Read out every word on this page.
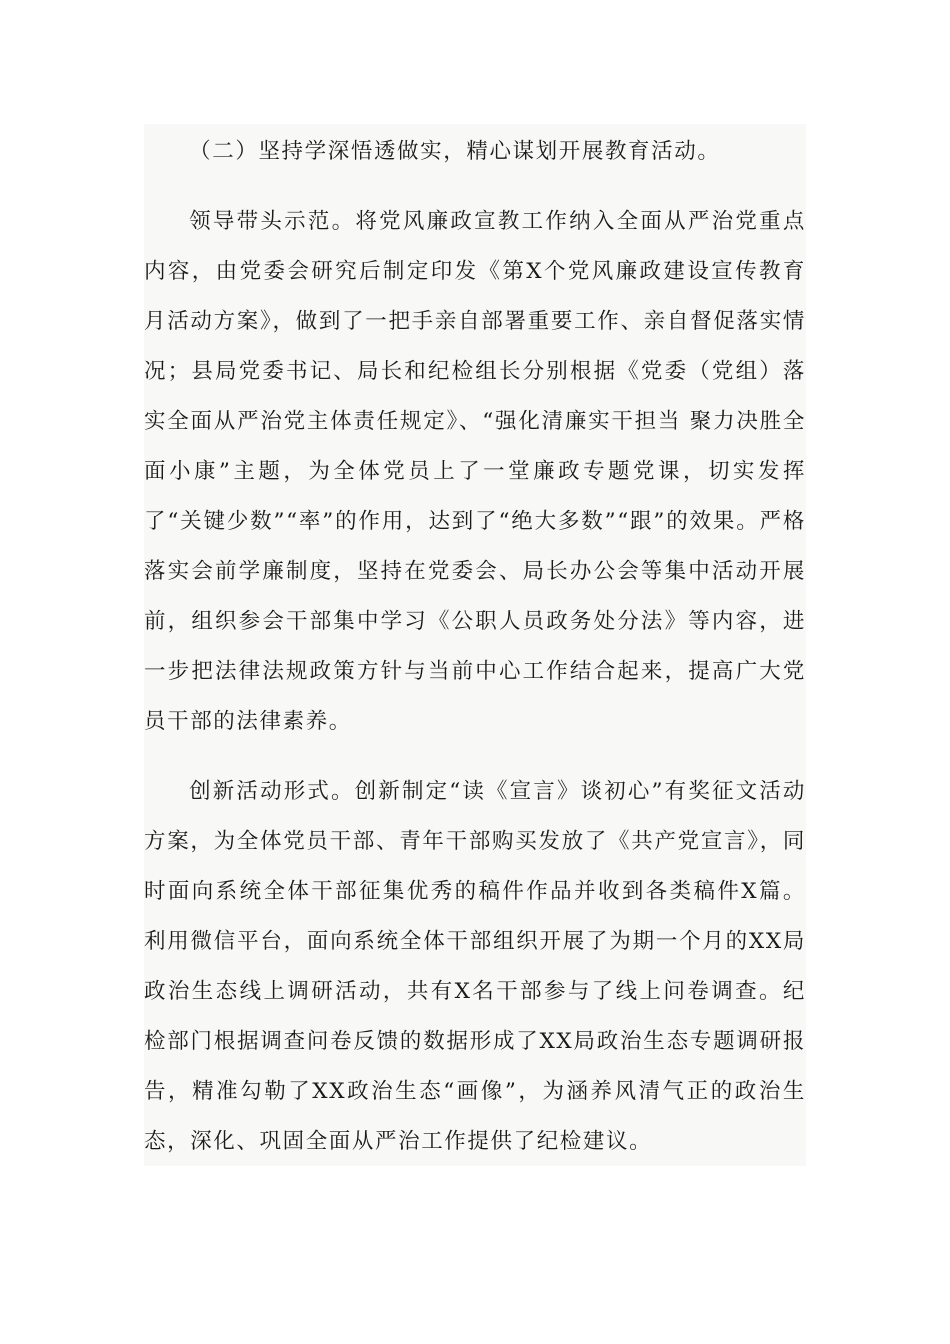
（二）坚持学深悟透做实，精心谋划开展教育活动。

领导带头示范。将党风廉政宣教工作纳入全面从严治党重点内容，由党委会研究后制定印发《第X个党风廉政建设宣传教育月活动方案》，做到了一把手亲自部署重要工作、亲自督促落实情况；县局党委书记、局长和纪检组长分别根据《党委（党组）落实全面从严治党主体责任规定》、“强化清廉实干担当 聚力决胜全面小康”主题，为全体党员上了一堂廉政专题党课，切实发挥了“关键少数”“率”的作用，达到了“绝大多数”“跟”的效果。严格落实会前学廉制度，坚持在党委会、局长办公会等集中活动开展前，组织参会干部集中学习《公职人员政务处分法》等内容，进一步把法律法规政策方针与当前中心工作结合起来，提高广大党员干部的法律素养。

创新活动形式。创新制定“读《宣言》谈初心”有奖征文活动方案，为全体党员干部、青年干部购买发放了《共产党宣言》，同时面向系统全体干部征集优秀的稿件作品并收到各类稿件X篇。利用微信平台，面向系统全体干部组织开展了为期一个月的XX局政治生态线上调研活动，共有X名干部参与了线上问卷调查。纪检部门根据调查问卷反馈的数据形成了XX局政治生态专题调研报告，精准勾勒了XX政治生态“画像”，为涵养风清气正的政治生态，深化、巩固全面从严治工作提供了纪检建议。
